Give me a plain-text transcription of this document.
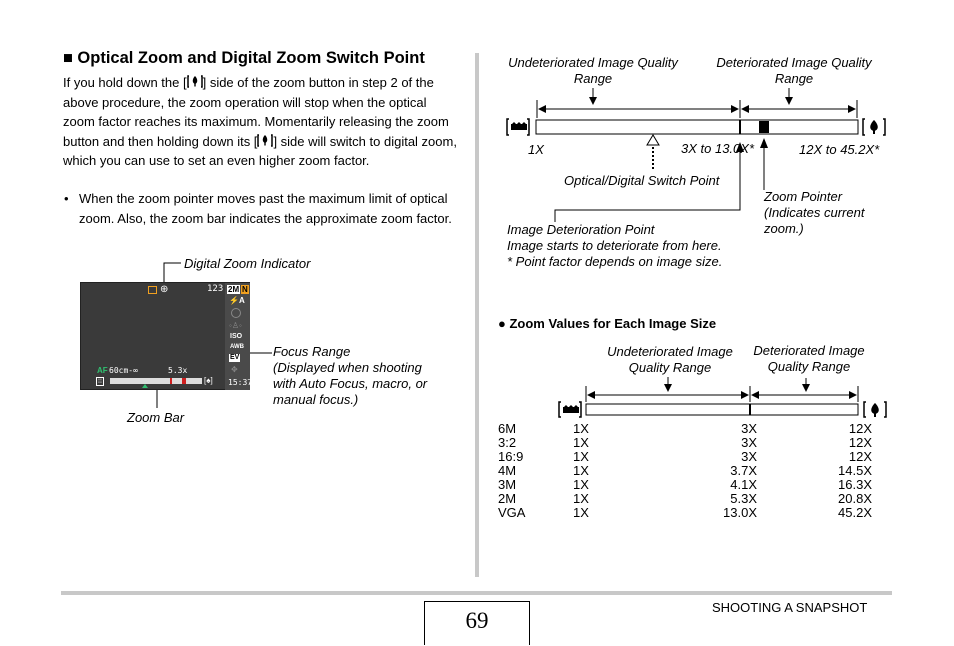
■ Optical Zoom and Digital Zoom Switch Point
If you hold down the [ ] side of the zoom button in step 2 of the above procedure, the zoom operation will stop when the optical zoom factor reaches its maximum. Momentarily releasing the zoom button and then holding down its [ ] side will switch to digital zoom, which you can use to set an even higher zoom factor.
• When the zoom pointer moves past the maximum limit of optical zoom. Also, the zoom bar indicates the approximate zoom factor.
Digital Zoom Indicator
⊕	123 2M N
⚡A
◦♙◦
ISO
AWB
EV
✥
AF 60cm-∞	5.3x
⁞⁞	[♠] 15:37
Focus Range
(Displayed when shooting
with Auto Focus, macro, or
manual focus.)
Zoom Bar
Undeteriorated Image Quality
Range
Deteriorated Image Quality
Range
1X	3X to 13.0X*	12X to 45.2X*
Optical/Digital Switch Point
Zoom Pointer
(Indicates current
zoom.)
Image Deterioration Point
Image starts to deteriorate from here.
* Point factor depends on image size.
● Zoom Values for Each Image Size
Undeteriorated Image
Quality Range
Deteriorated Image
Quality Range
6M	1X	3X	12X
3:2	1X	3X	12X
16:9	1X	3X	12X
4M	1X	3.7X	14.5X
3M	1X	4.1X	16.3X
2M	1X	5.3X	20.8X
VGA	1X	13.0X	45.2X
69
SHOOTING A SNAPSHOT
